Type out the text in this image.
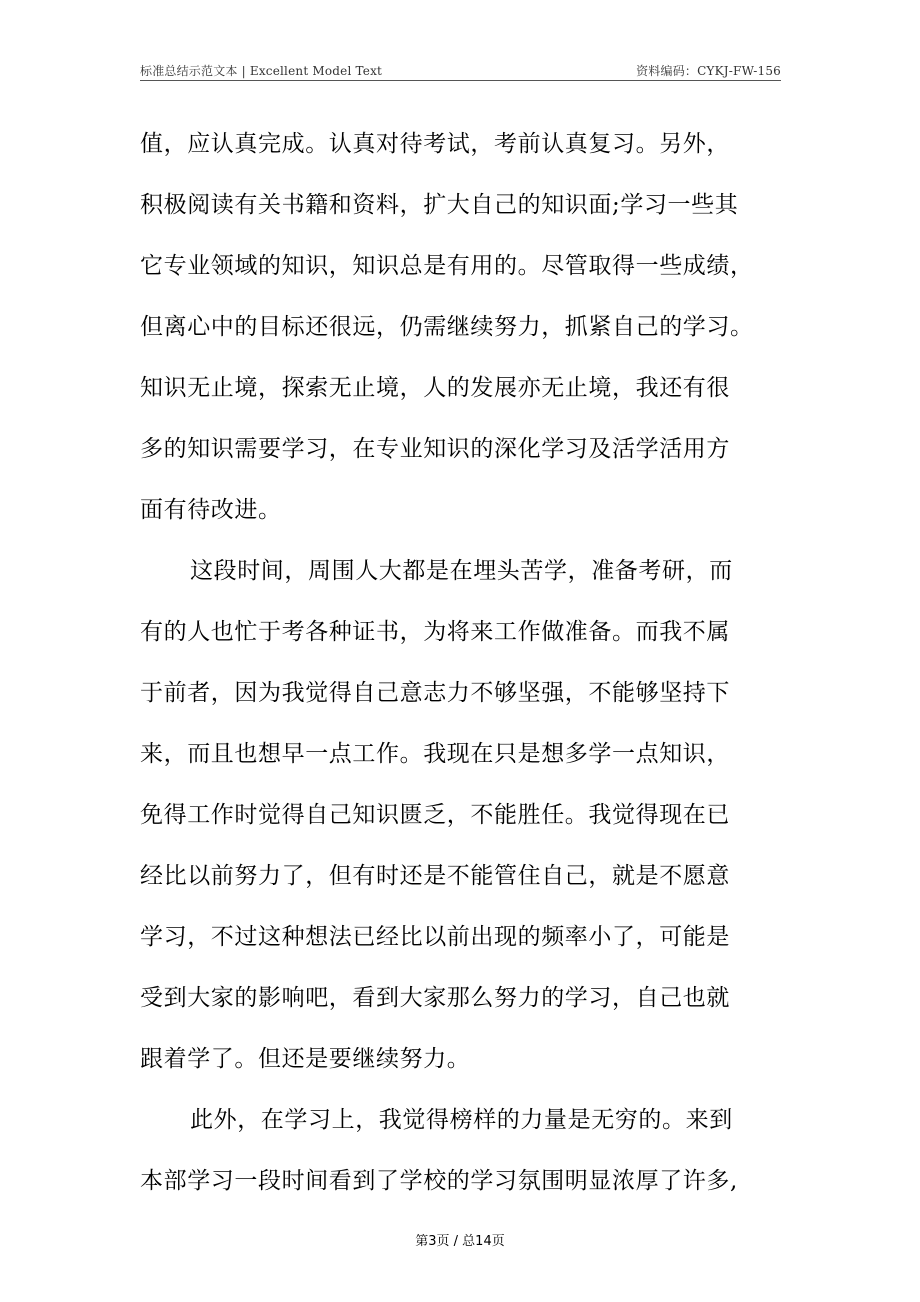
标准总结示范文本 | Excellent Model Text	资料编码：CYKJ-FW-156
值，应认真完成。认真对待考试，考前认真复习。另外，
积极阅读有关书籍和资料，扩大自己的知识面;学习一些其
它专业领域的知识，知识总是有用的。尽管取得一些成绩，
但离心中的目标还很远，仍需继续努力，抓紧自己的学习。
知识无止境，探索无止境，人的发展亦无止境，我还有很
多的知识需要学习，在专业知识的深化学习及活学活用方
面有待改进。
这段时间，周围人大都是在埋头苦学，准备考研，而
有的人也忙于考各种证书，为将来工作做准备。而我不属
于前者，因为我觉得自己意志力不够坚强，不能够坚持下
来，而且也想早一点工作。我现在只是想多学一点知识，
免得工作时觉得自己知识匮乏，不能胜任。我觉得现在已
经比以前努力了，但有时还是不能管住自己，就是不愿意
学习，不过这种想法已经比以前出现的频率小了，可能是
受到大家的影响吧，看到大家那么努力的学习，自己也就
跟着学了。但还是要继续努力。
此外，在学习上，我觉得榜样的力量是无穷的。来到
本部学习一段时间看到了学校的学习氛围明显浓厚了许多,
第3页 / 总14页
